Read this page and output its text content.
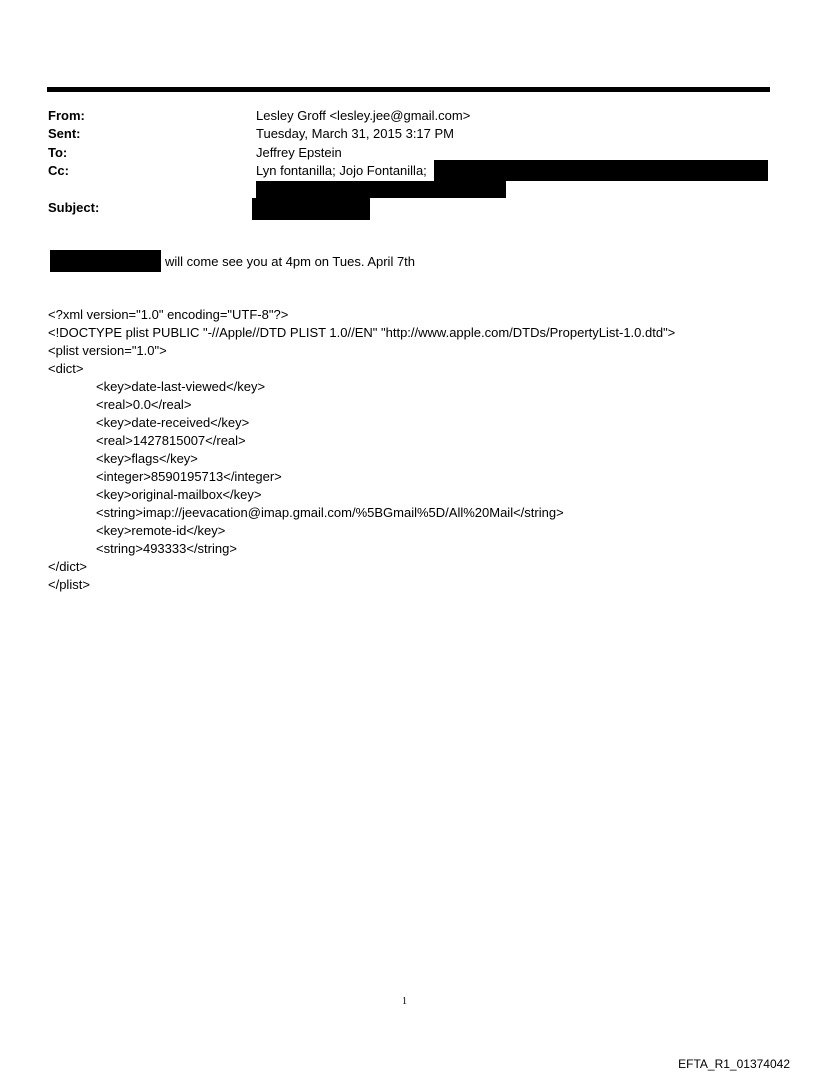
From:	Lesley Groff <lesley.jee@gmail.com>
Sent:	Tuesday, March 31, 2015 3:17 PM
To:	Jeffrey Epstein
Cc:	Lyn fontanilla; Jojo Fontanilla;
Subject:
will come see you at 4pm on Tues. April 7th
<?xml version="1.0" encoding="UTF-8"?>
<!DOCTYPE plist PUBLIC "-//Apple//DTD PLIST 1.0//EN" "http://www.apple.com/DTDs/PropertyList-1.0.dtd">
<plist version="1.0">
<dict>
<key>date-last-viewed</key>
<real>0.0</real>
<key>date-received</key>
<real>1427815007</real>
<key>flags</key>
<integer>8590195713</integer>
<key>original-mailbox</key>
<string>imap://jeevacation@imap.gmail.com/%5BGmail%5D/All%20Mail</string>
<key>remote-id</key>
<string>493333</string>
</dict>
</plist>
1
EFTA_R1_01374042
